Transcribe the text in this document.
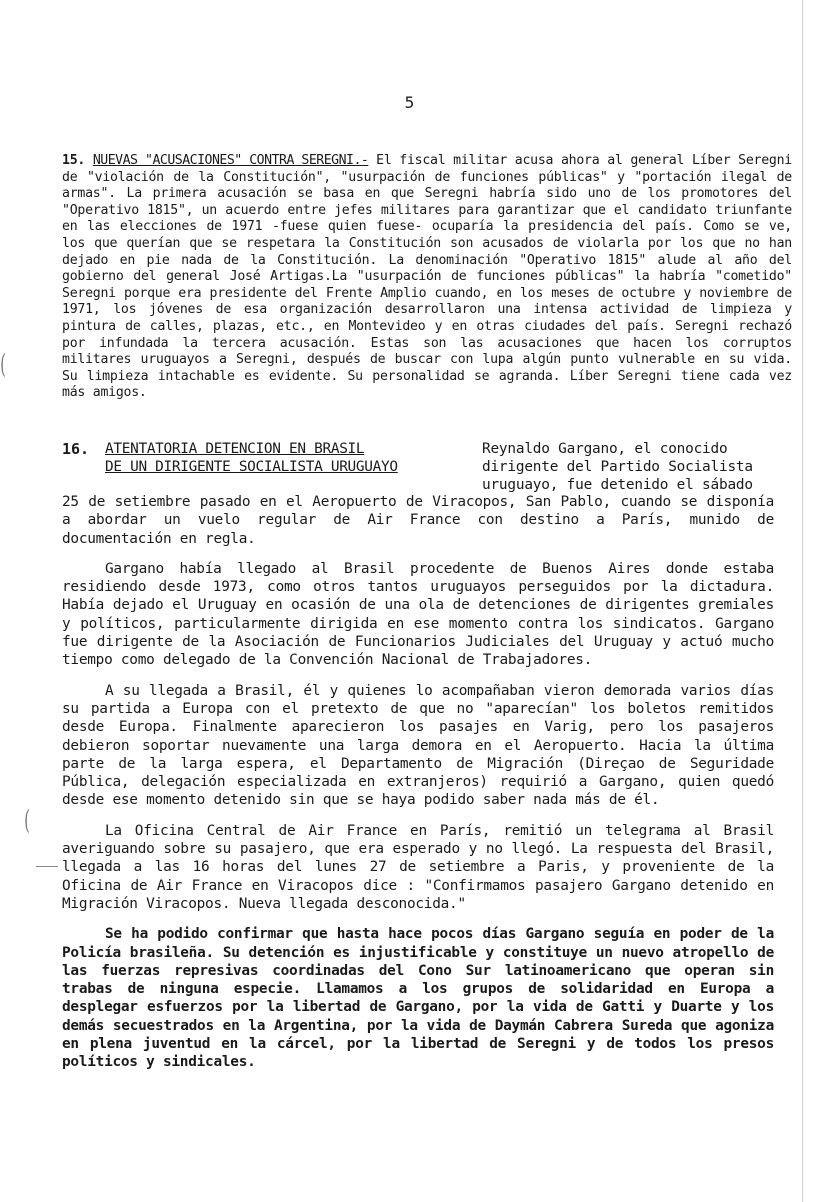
(
(
5
15. NUEVAS "ACUSACIONES" CONTRA SEREGNI.- El fiscal militar acusa ahora al general Líber Seregni de "violación de la Constitución", "usurpación de funciones públicas" y "portación ilegal de armas". La primera acusación se basa en que Seregni habría sido uno de los promotores del "Operativo 1815", un acuerdo entre jefes militares para garantizar que el candidato triunfante en las elecciones de 1971 -fuese quien fuese- ocuparía la presidencia del país. Como se ve, los que querían que se respetara la Constitución son acusados de violarla por los que no han dejado en pie nada de la Constitución. La denominación "Operativo 1815" alude al año del gobierno del general José Artigas.La "usurpación de funciones públicas" la habría "cometido" Seregni porque era presidente del Frente Amplio cuando, en los meses de octubre y noviembre de 1971, los jóvenes de esa organización desarrollaron una intensa actividad de limpieza y pintura de calles, plazas, etc., en Montevideo y en otras ciudades del país. Seregni rechazó por infundada la tercera acusación. Estas son las acusaciones que hacen los corruptos militares uruguayos a Seregni, después de buscar con lupa algún punto vulnerable en su vida. Su limpieza intachable es evidente. Su personalidad se agranda. Líber Seregni tiene cada vez más amigos.
16. ATENTATORIA DETENCION EN BRASIL
DE UN DIRIGENTE SOCIALISTA URUGUAYO
Reynaldo Gargano, el conocido dirigente del Partido Socialista uruguayo, fue detenido el sábado

25 de setiembre pasado en el Aeropuerto de Viracopos, San Pablo, cuando se disponía a abordar un vuelo regular de Air France con destino a París, munido de documentación en regla.

Gargano había llegado al Brasil procedente de Buenos Aires donde estaba residiendo desde 1973, como otros tantos uruguayos perseguidos por la dictadura. Había dejado el Uruguay en ocasión de una ola de detenciones de dirigentes gremiales y políticos, particularmente dirigida en ese momento contra los sindicatos. Gargano fue dirigente de la Asociación de Funcionarios Judiciales del Uruguay y actuó mucho tiempo como delegado de la Convención Nacional de Trabajadores.

A su llegada a Brasil, él y quienes lo acompañaban vieron demorada varios días su partida a Europa con el pretexto de que no "aparecían" los boletos remitidos desde Europa. Finalmente aparecieron los pasajes en Varig, pero los pasajeros debieron soportar nuevamente una larga demora en el Aeropuerto. Hacia la última parte de la larga espera, el Departamento de Migración (Direçao de Seguridade Pública, delegación especializada en extranjeros) requirió a Gargano, quien quedó desde ese momento detenido sin que se haya podido saber nada más de él.

La Oficina Central de Air France en París, remitió un telegrama al Brasil averiguando sobre su pasajero, que era esperado y no llegó. La respuesta del Brasil, llegada a las 16 horas del lunes 27 de setiembre a Paris, y proveniente de la Oficina de Air France en Viracopos dice : "Confirmamos pasajero Gargano detenido en Migración Viracopos. Nueva llegada desconocida."

Se ha podido confirmar que hasta hace pocos días Gargano seguía en poder de la Policía brasileña. Su detención es injustificable y constituye un nuevo atropello de las fuerzas represivas coordinadas del Cono Sur latinoamericano que operan sin trabas de ninguna especie. Llamamos a los grupos de solidaridad en Europa a desplegar esfuerzos por la libertad de Gargano, por la vida de Gatti y Duarte y los demás secuestrados en la Argentina, por la vida de Daymán Cabrera Sureda que agoniza en plena juventud en la cárcel, por la libertad de Seregni y de todos los presos políticos y sindicales.
